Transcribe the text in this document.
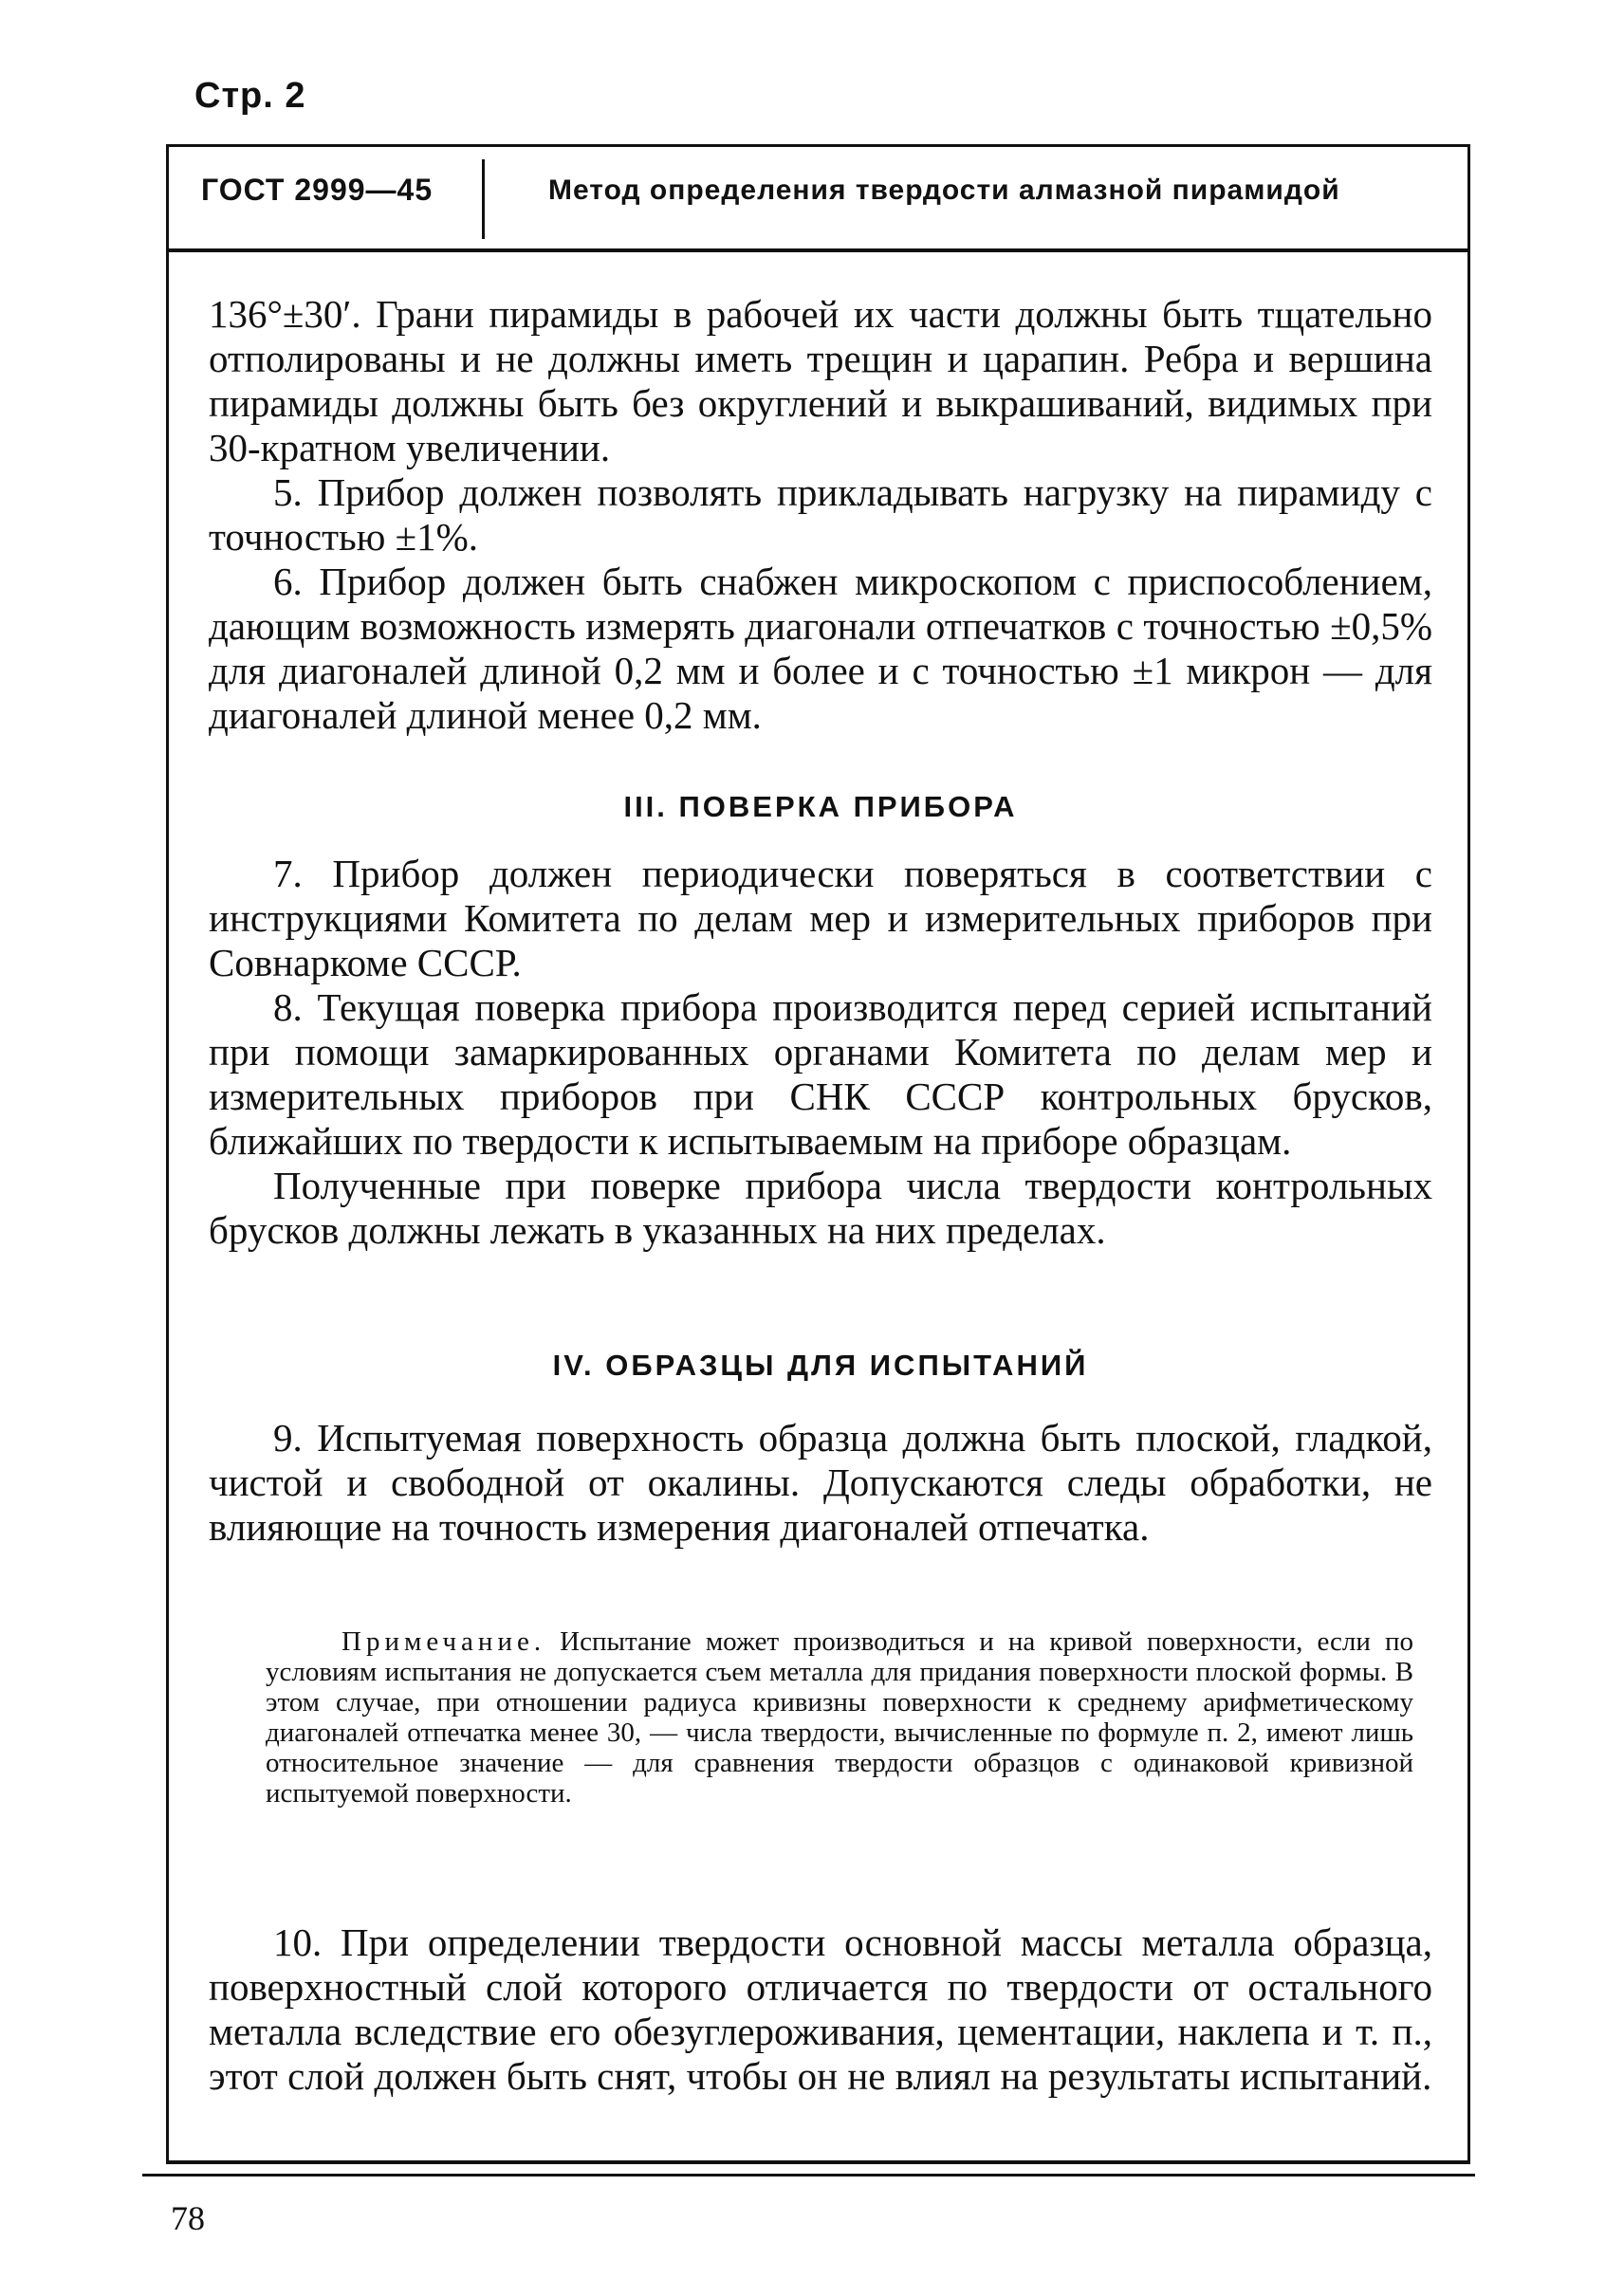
Стр. 2
ГОСТ 2999—45	Метод определения твердости алмазной пирамидой

136°±30′. Грани пирамиды в рабочей их части должны быть тщательно отполированы и не должны иметь трещин и царапин. Ребра и вершина пирамиды должны быть без округлений и выкрашиваний, видимых при 30-кратном увеличении.

5. Прибор должен позволять прикладывать нагрузку на пирамиду с точностью ±1%.

6. Прибор должен быть снабжен микроскопом с приспособлением, дающим возможность измерять диагонали отпечатков с точностью ±0,5% для диагоналей длиной 0,2 мм и более и с точностью ±1 микрон — для диагоналей длиной менее 0,2 мм.

III. ПОВЕРКА ПРИБОРА

7. Прибор должен периодически поверяться в соответствии с инструкциями Комитета по делам мер и измерительных приборов при Совнаркоме СССР.

8. Текущая поверка прибора производится перед серией испытаний при помощи замаркированных органами Комитета по делам мер и измерительных приборов при СНК СССР контрольных брусков, ближайших по твердости к испытываемым на приборе образцам.

Полученные при поверке прибора числа твердости контрольных брусков должны лежать в указанных на них пределах.

IV. ОБРАЗЦЫ ДЛЯ ИСПЫТАНИЙ

9. Испытуемая поверхность образца должна быть плоской, гладкой, чистой и свободной от окалины. Допускаются следы обработки, не влияющие на точность измерения диагоналей отпечатка.

Примечание. Испытание может производиться и на кривой поверхности, если по условиям испытания не допускается съем металла для придания поверхности плоской формы. В этом случае, при отношении радиуса кривизны поверхности к среднему арифметическому диагоналей отпечатка менее 30, — числа твердости, вычисленные по формуле п. 2, имеют лишь относительное значение — для сравнения твердости образцов с одинаковой кривизной испытуемой поверхности.

10. При определении твердости основной массы металла образца, поверхностный слой которого отличается по твердости от остального металла вследствие его обезуглероживания, цементации, наклепа и т. п., этот слой должен быть снят, чтобы он не влиял на результаты испытаний.

78
